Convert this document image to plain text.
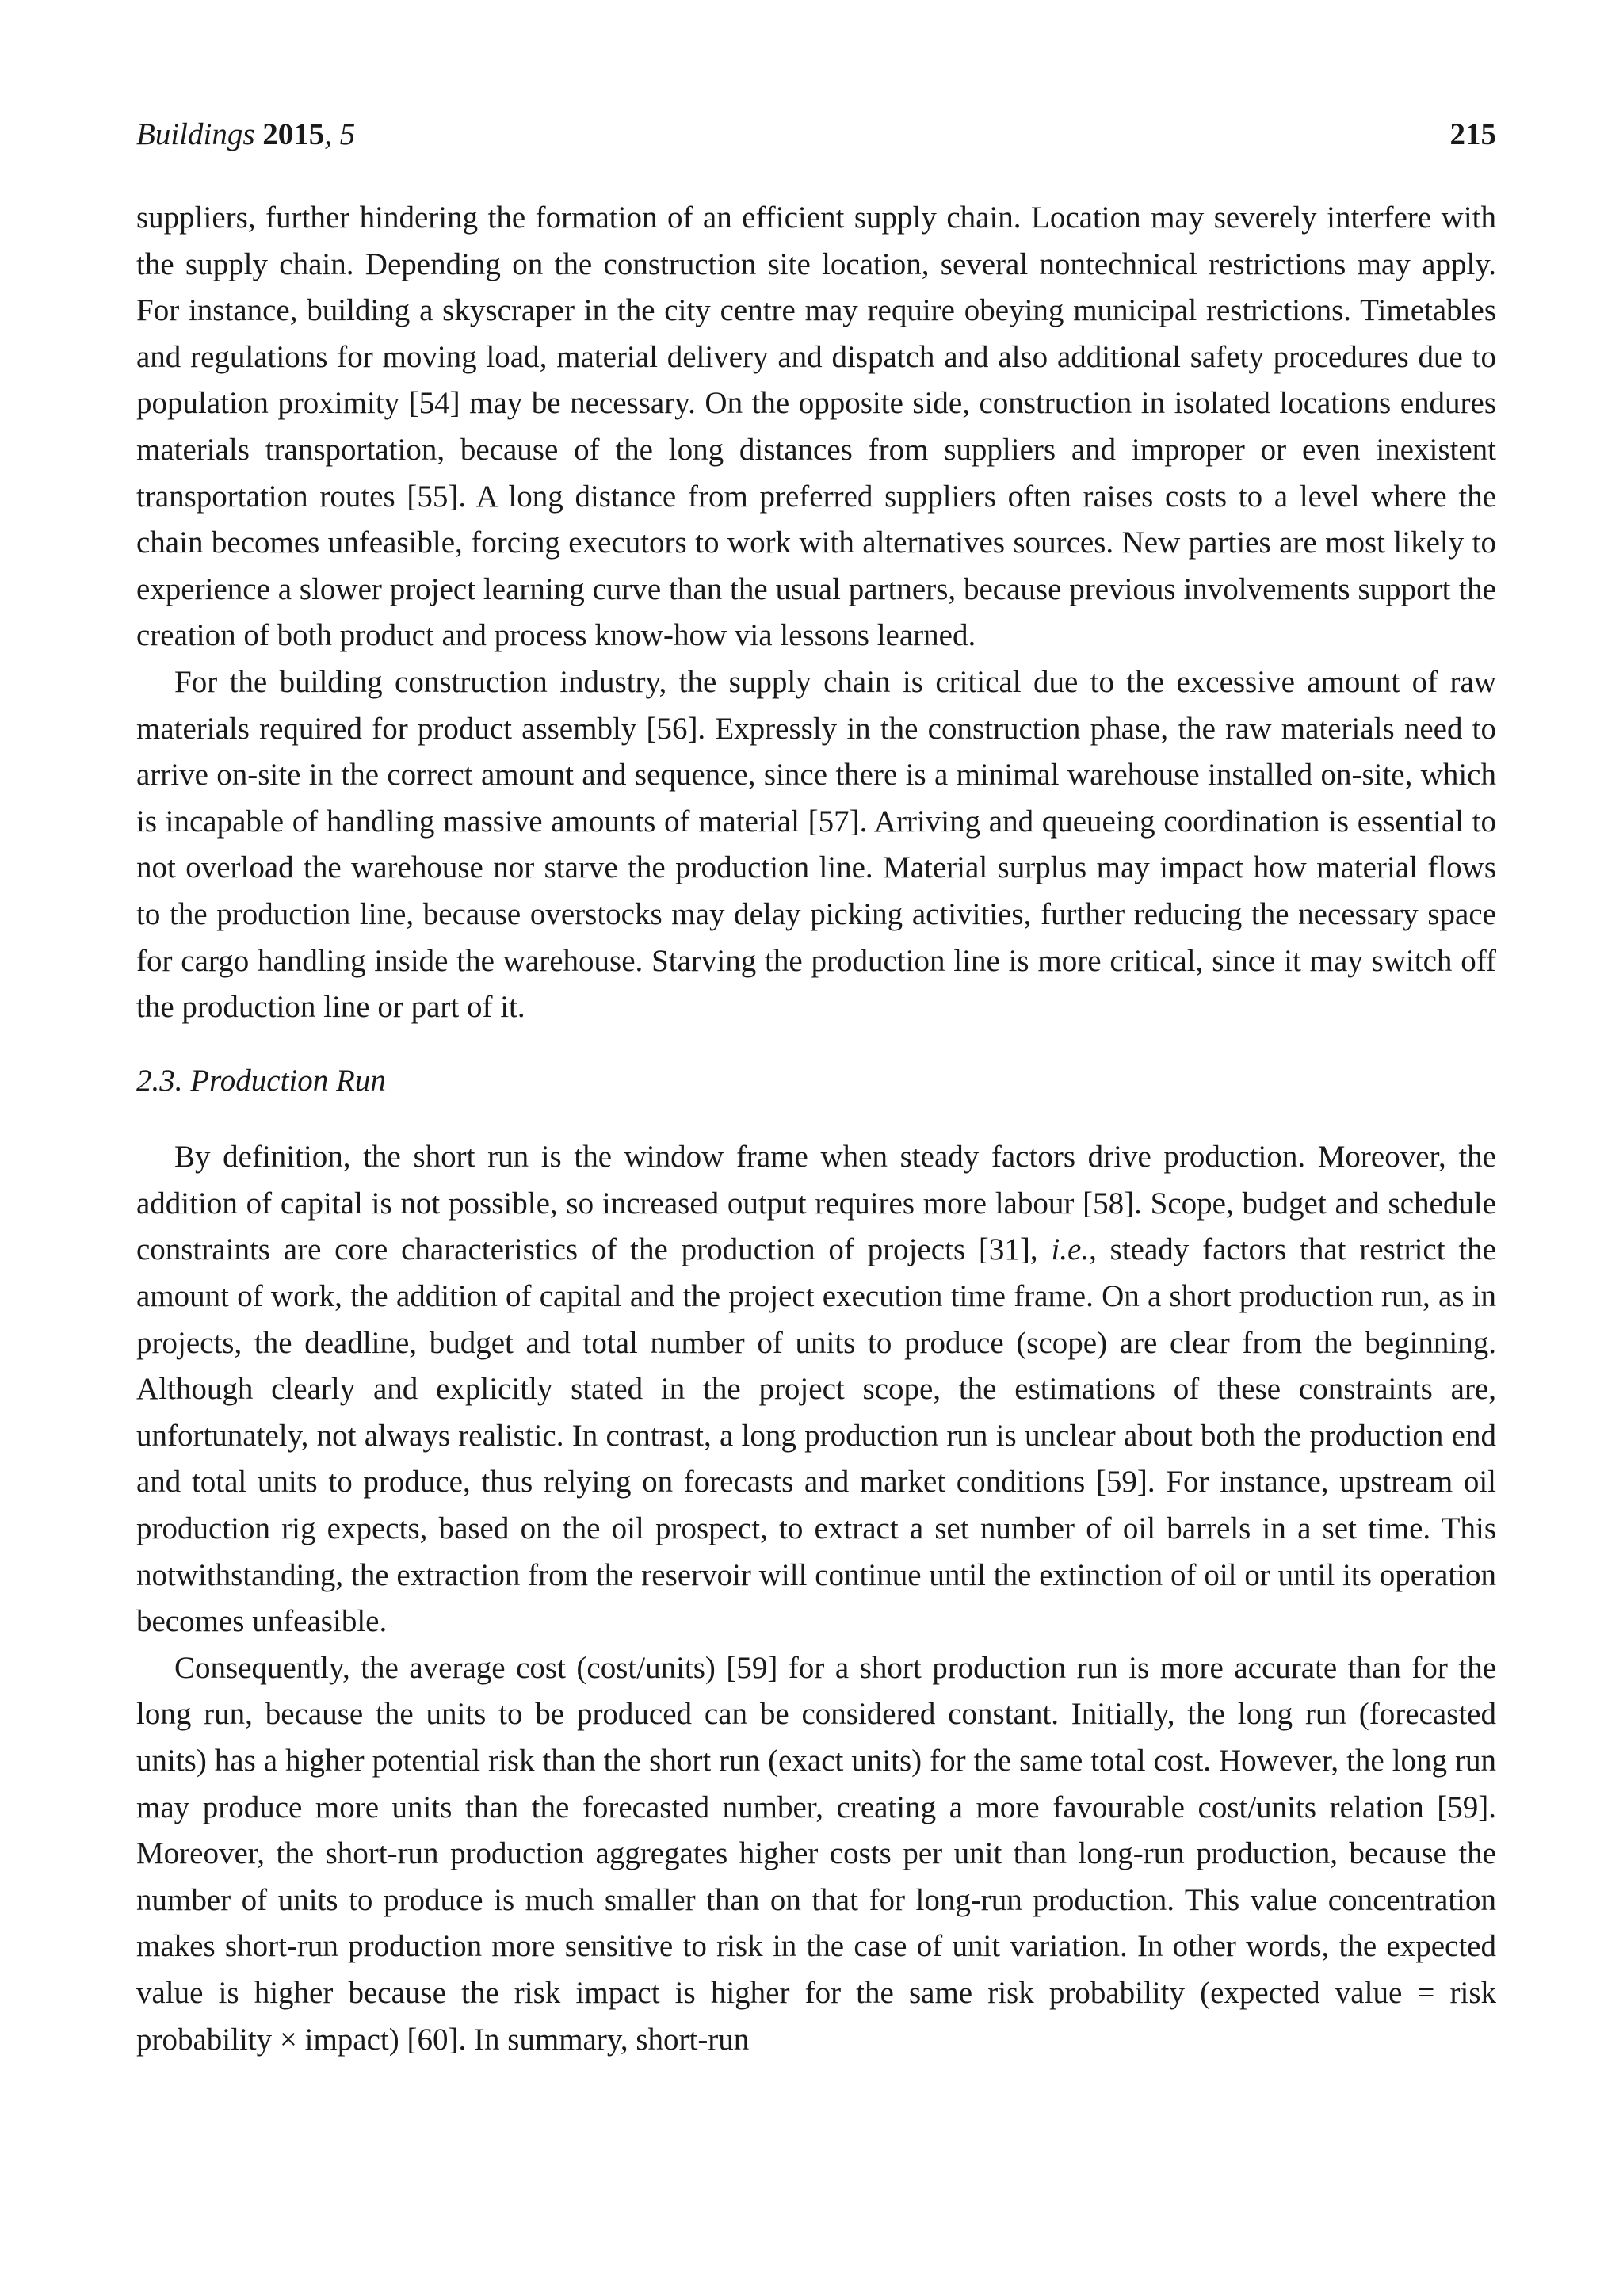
Buildings 2015, 5	215

suppliers, further hindering the formation of an efficient supply chain. Location may severely interfere with the supply chain. Depending on the construction site location, several nontechnical restrictions may apply. For instance, building a skyscraper in the city centre may require obeying municipal restrictions. Timetables and regulations for moving load, material delivery and dispatch and also additional safety procedures due to population proximity [54] may be necessary. On the opposite side, construction in isolated locations endures materials transportation, because of the long distances from suppliers and improper or even inexistent transportation routes [55]. A long distance from preferred suppliers often raises costs to a level where the chain becomes unfeasible, forcing executors to work with alternatives sources. New parties are most likely to experience a slower project learning curve than the usual partners, because previous involvements support the creation of both product and process know-how via lessons learned.

For the building construction industry, the supply chain is critical due to the excessive amount of raw materials required for product assembly [56]. Expressly in the construction phase, the raw materials need to arrive on-site in the correct amount and sequence, since there is a minimal warehouse installed on-site, which is incapable of handling massive amounts of material [57]. Arriving and queueing coordination is essential to not overload the warehouse nor starve the production line. Material surplus may impact how material flows to the production line, because overstocks may delay picking activities, further reducing the necessary space for cargo handling inside the warehouse. Starving the production line is more critical, since it may switch off the production line or part of it.

2.3. Production Run

By definition, the short run is the window frame when steady factors drive production. Moreover, the addition of capital is not possible, so increased output requires more labour [58]. Scope, budget and schedule constraints are core characteristics of the production of projects [31], i.e., steady factors that restrict the amount of work, the addition of capital and the project execution time frame. On a short production run, as in projects, the deadline, budget and total number of units to produce (scope) are clear from the beginning. Although clearly and explicitly stated in the project scope, the estimations of these constraints are, unfortunately, not always realistic. In contrast, a long production run is unclear about both the production end and total units to produce, thus relying on forecasts and market conditions [59]. For instance, upstream oil production rig expects, based on the oil prospect, to extract a set number of oil barrels in a set time. This notwithstanding, the extraction from the reservoir will continue until the extinction of oil or until its operation becomes unfeasible.

Consequently, the average cost (cost/units) [59] for a short production run is more accurate than for the long run, because the units to be produced can be considered constant. Initially, the long run (forecasted units) has a higher potential risk than the short run (exact units) for the same total cost. However, the long run may produce more units than the forecasted number, creating a more favourable cost/units relation [59]. Moreover, the short-run production aggregates higher costs per unit than long-run production, because the number of units to produce is much smaller than on that for long-run production. This value concentration makes short-run production more sensitive to risk in the case of unit variation. In other words, the expected value is higher because the risk impact is higher for the same risk probability (expected value = risk probability × impact) [60]. In summary, short-run
